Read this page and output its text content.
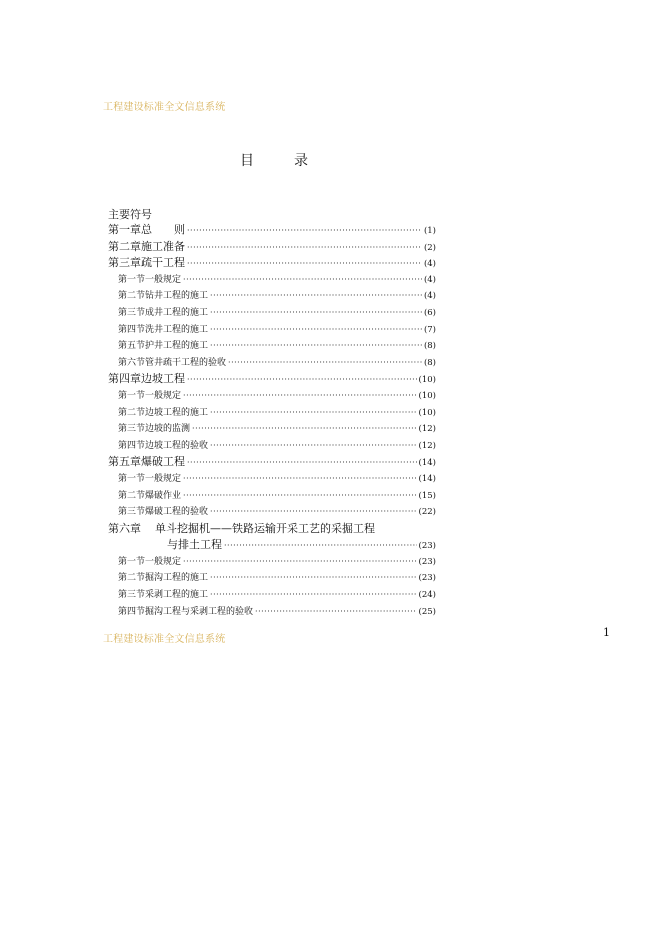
工程建设标准全文信息系统
目	录
主要符号
第一章 总　　则 ·····	(1)
第二章 施工准备 ·····	(2)
第三章 疏干工程 ·····	(4)
第一节 一般规定 ·····	(4)
第二节 钻井工程的施工 ·····	(4)
第三节 成井工程的施工 ·····	(6)
第四节 洗井工程的施工 ·····	(7)
第五节 护井工程的施工 ·····	(8)
第六节 管井疏干工程的验收 ·····	(8)
第四章 边坡工程 ·····	(10)
第一节 一般规定 ·····	(10)
第二节 边坡工程的施工 ·····	(10)
第三节 边坡的监测 ·····	(12)
第四节 边坡工程的验收 ·····	(12)
第五章 爆破工程 ·····	(14)
第一节 一般规定 ·····	(14)
第二节 爆破作业 ·····	(15)
第三节 爆破工程的验收 ·····	(22)
第六章	单斗挖掘机——铁路运输开采工艺的采掘工程
与排土工程 ·····	(23)
第一节 一般规定 ·····	(23)
第二节 掘沟工程的施工 ·····	(23)
第三节 采剥工程的施工 ·····	(24)
第四节 掘沟工程与采剥工程的验收 ·····	(25)
工程建设标准全文信息系统
1
